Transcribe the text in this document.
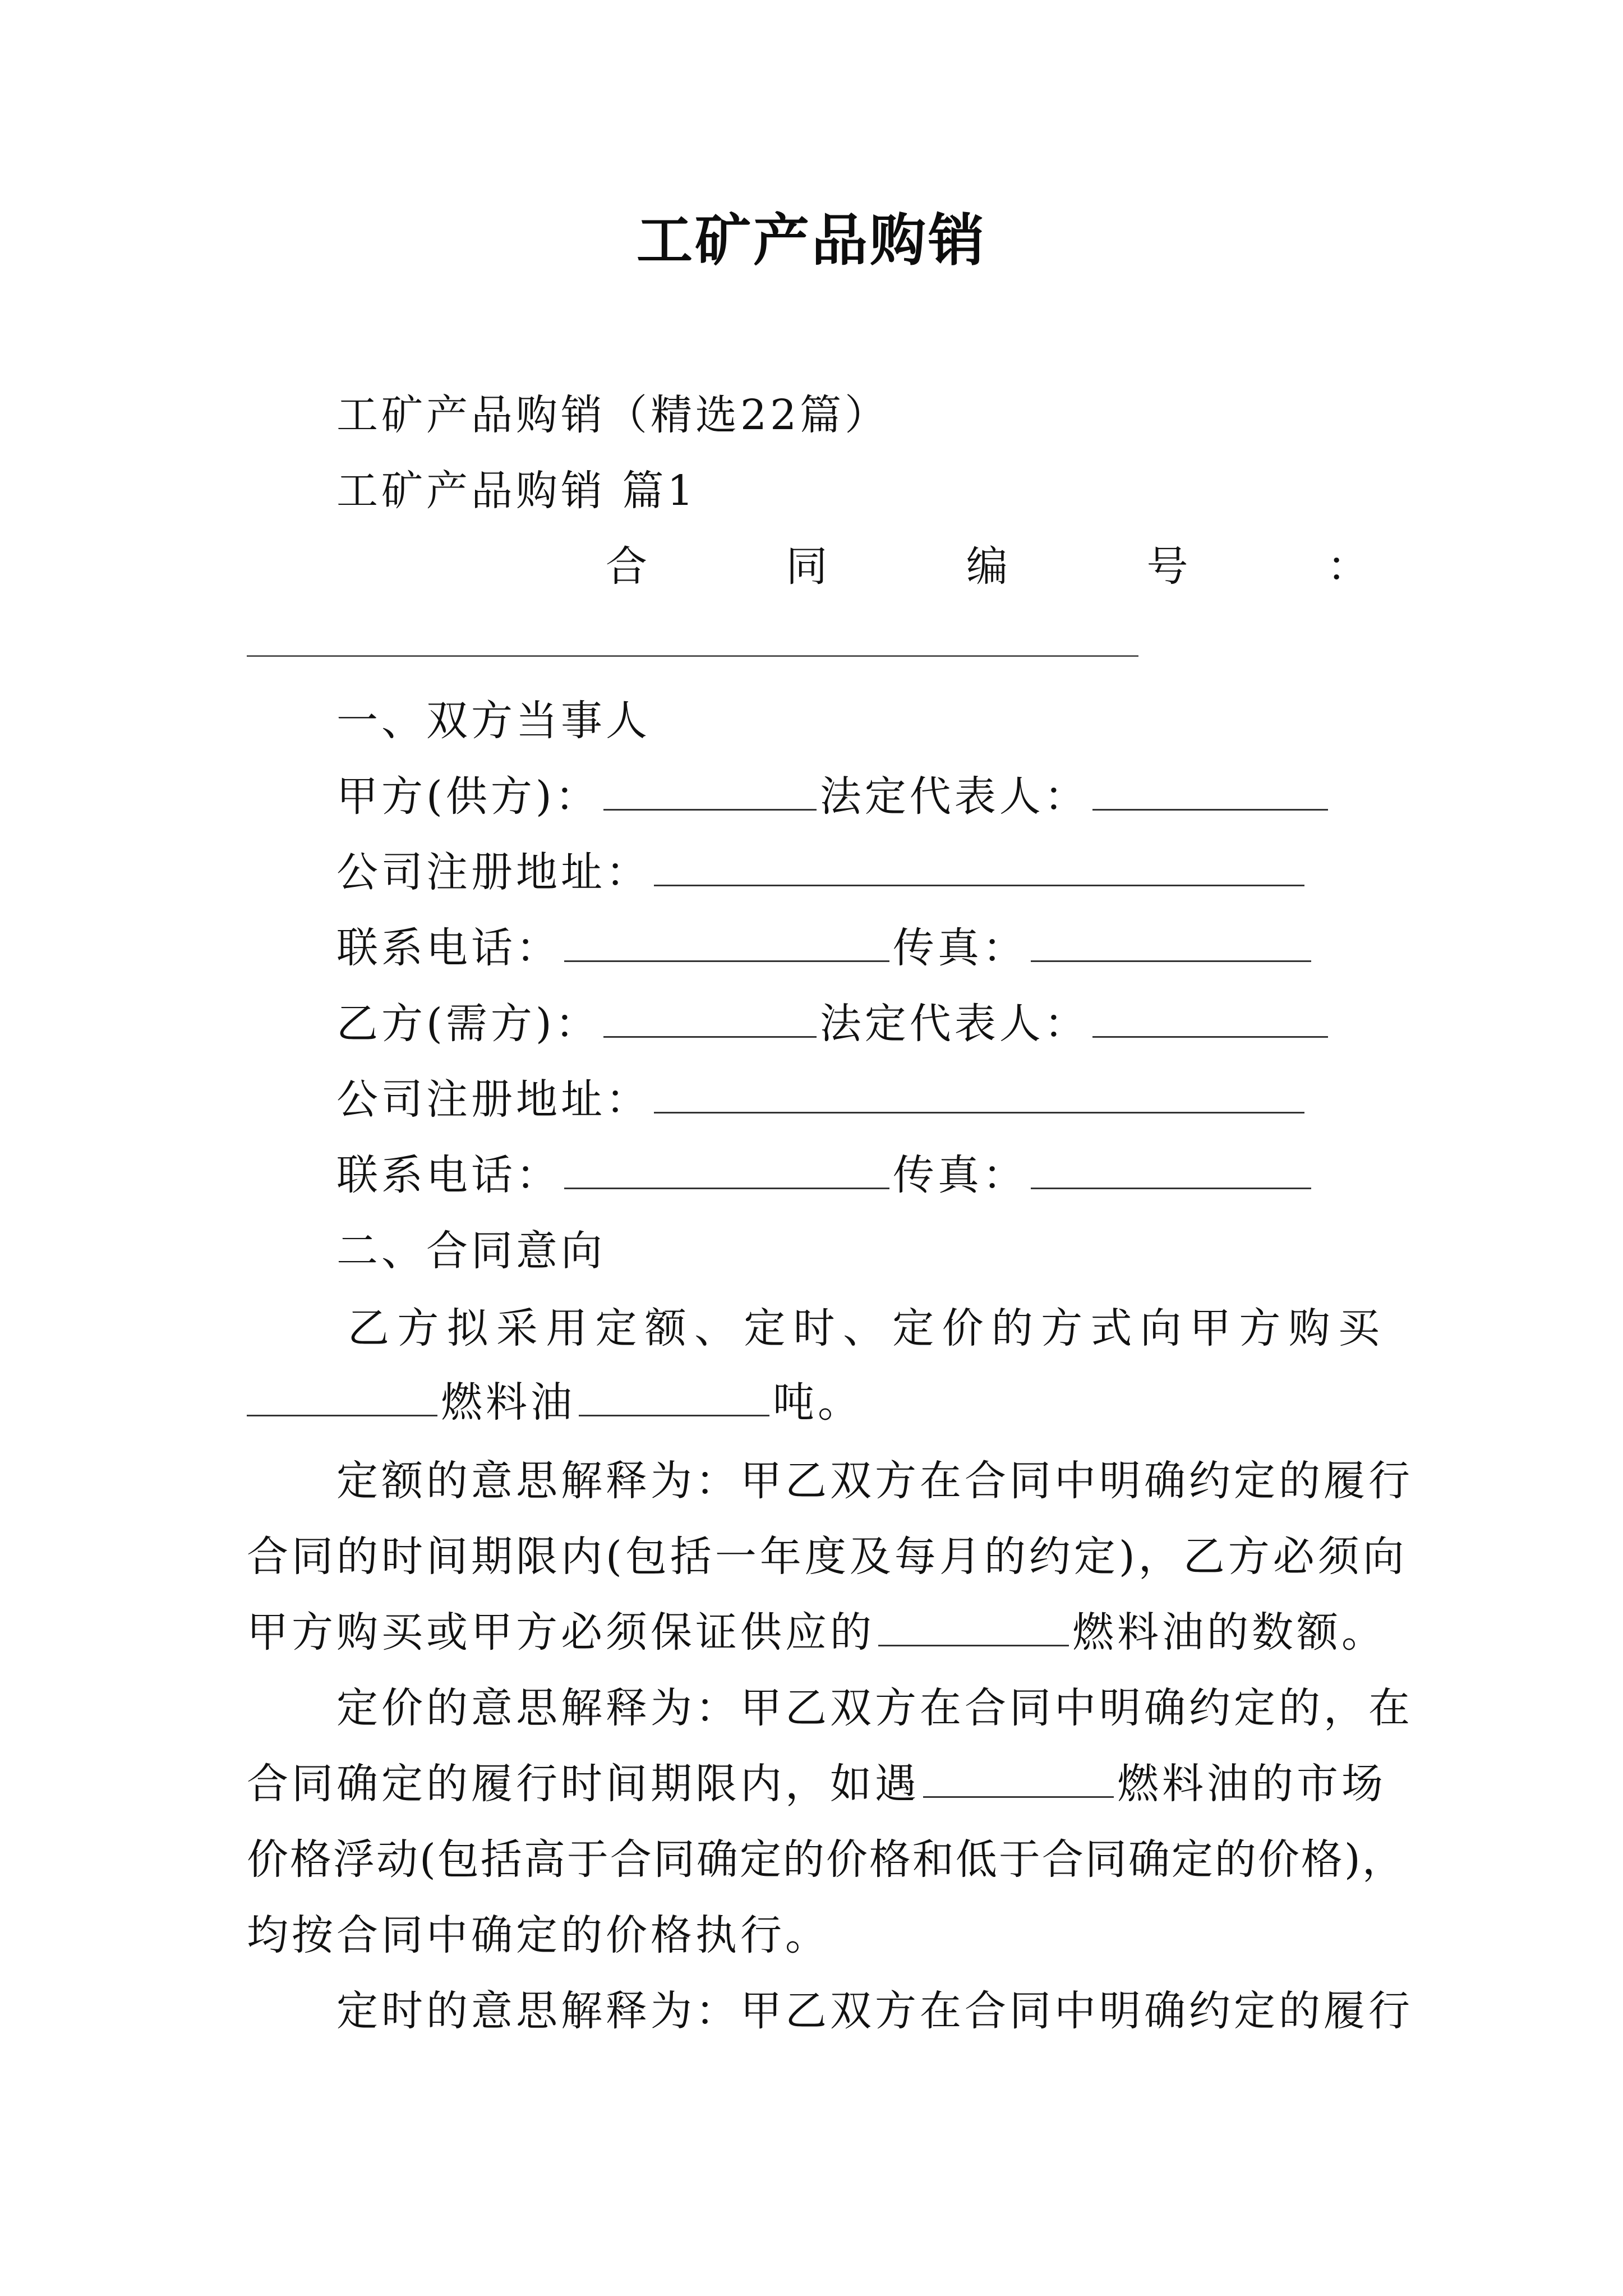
工矿产品购销
工矿产品购销（精选22篇）
工矿产品购销 篇1
合	同	编	号	：
一、双方当事人
甲方(供方)：	法定代表人：
公司注册地址：
联系电话：	传真：
乙方(需方)：	法定代表人：
公司注册地址：
联系电话：	传真：
二、合同意向
乙 方 拟 采 用 定 额 、 定 时 、 定 价 的 方 式 向 甲 方 购 买
燃料油	吨。
定额的意思解释为：甲乙双方在合同中明确约定的履行
合同的时间期限内(包括一年度及每月的约定)，乙方必须向
甲方购买或甲方必须保证供应的	燃料油的数额。
定价的意思解释为：甲乙双方在合同中明确约定的，在
合同确定的履行时间期限内，如遇	燃料油的市场
价格浮动(包括高于合同确定的价格和低于合同确定的价格)，
均按合同中确定的价格执行。
定时的意思解释为：甲乙双方在合同中明确约定的履行
